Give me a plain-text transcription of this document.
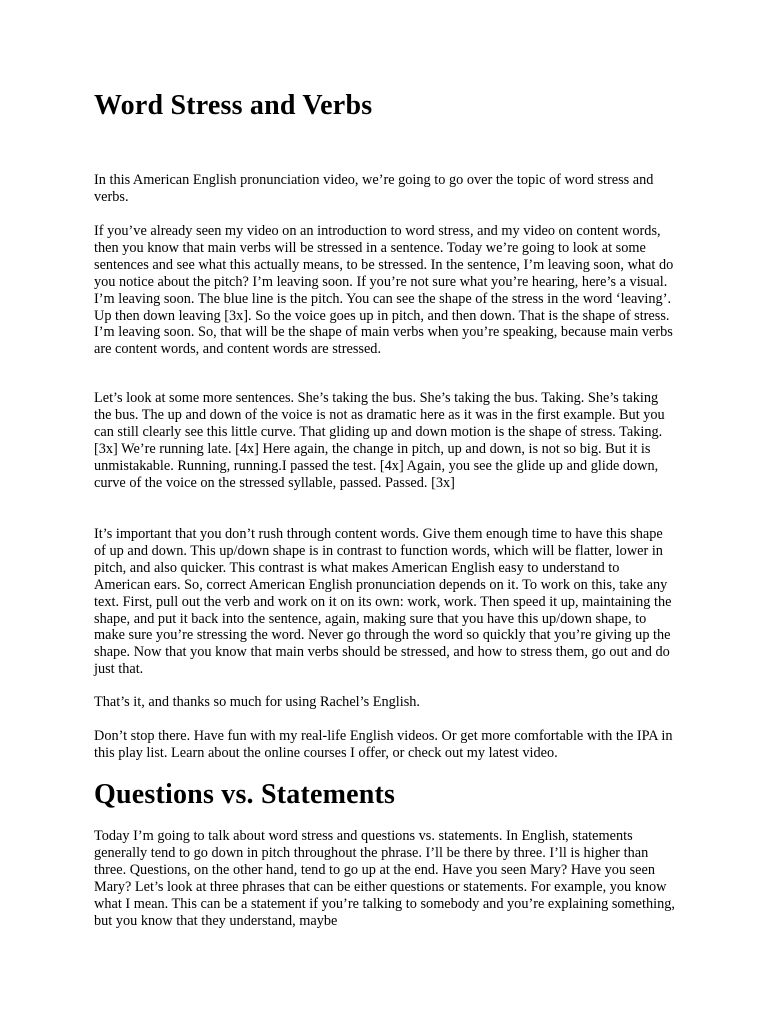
Word Stress and Verbs

In this American English pronunciation video, we’re going to go over the topic of word stress and verbs.

If you’ve already seen my video on an introduction to word stress, and my video on content words, then you know that main verbs will be stressed in a sentence. Today we’re going to look at some sentences and see what this actually means, to be stressed. In the sentence, I’m leaving soon, what do you notice about the pitch? I’m leaving soon. If you’re not sure what you’re hearing, here’s a visual. I’m leaving soon. The blue line is the pitch. You can see the shape of the stress in the word ‘leaving’. Up then down leaving [3x]. So the voice goes up in pitch, and then down. That is the shape of stress. I’m leaving soon. So, that will be the shape of main verbs when you’re speaking, because main verbs are content words, and content words are stressed.

Let’s look at some more sentences. She’s taking the bus. She’s taking the bus. Taking. She’s taking the bus. The up and down of the voice is not as dramatic here as it was in the first example. But you can still clearly see this little curve. That gliding up and down motion is the shape of stress. Taking. [3x] We’re running late. [4x] Here again, the change in pitch, up and down, is not so big. But it is unmistakable. Running, running.I passed the test. [4x] Again, you see the glide up and glide down, curve of the voice on the stressed syllable, passed. Passed. [3x]

It’s important that you don’t rush through content words. Give them enough time to have this shape of up and down. This up/down shape is in contrast to function words, which will be flatter, lower in pitch, and also quicker. This contrast is what makes American English easy to understand to American ears. So, correct American English pronunciation depends on it. To work on this, take any text. First, pull out the verb and work on it on its own: work, work. Then speed it up, maintaining the shape, and put it back into the sentence, again, making sure that you have this up/down shape, to make sure you’re stressing the word. Never go through the word so quickly that you’re giving up the shape. Now that you know that main verbs should be stressed, and how to stress them, go out and do just that.

That’s it, and thanks so much for using Rachel’s English.

Don’t stop there. Have fun with my real-life English videos. Or get more comfortable with the IPA in this play list. Learn about the online courses I offer, or check out my latest video.

Questions vs. Statements

Today I’m going to talk about word stress and questions vs. statements. In English, statements generally tend to go down in pitch throughout the phrase. I’ll be there by three. I’ll is higher than three. Questions, on the other hand, tend to go up at the end. Have you seen Mary? Have you seen Mary? Let’s look at three phrases that can be either questions or statements. For example, you know what I mean. This can be a statement if you’re talking to somebody and you’re explaining something, but you know that they understand, maybe
